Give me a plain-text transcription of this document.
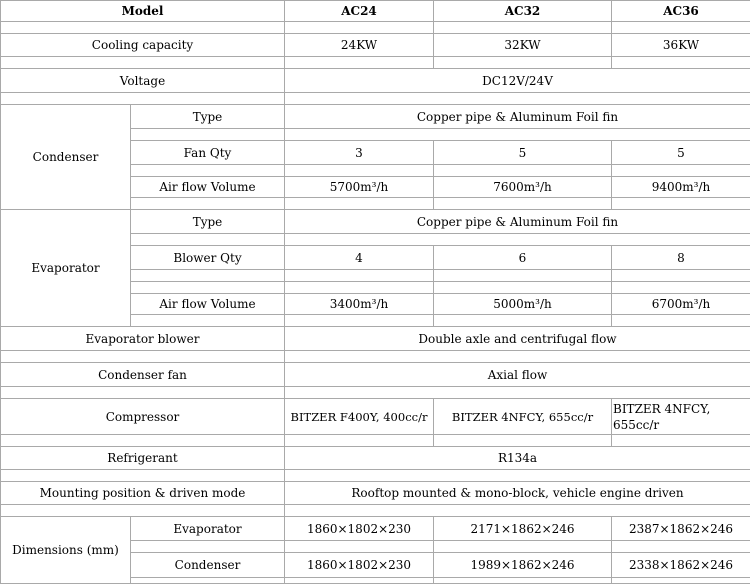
Model		AC24	AC32	AC36

Cooling capacity		24KW	32KW	36KW

Voltage		DC12V/24V		

Condenser	Type	Copper pipe & Aluminum Foil fin		

	Fan Qty	3	5	5

	Air flow Volume	5700m³/h	7600m³/h	9400m³/h

Evaporator	Type	Copper pipe & Aluminum Foil fin		

	Blower Qty	4	6	8

	Air flow Volume	3400m³/h	5000m³/h	6700m³/h

Evaporator blower		Double axle and centrifugal flow		

Condenser fan		Axial flow		

Compressor		BITZER F400Y, 400cc/r	BITZER 4NFCY, 655cc/r	BITZER 4NFCY, 655cc/r

Refrigerant		R134a		

Mounting position & driven mode		Rooftop mounted & mono-block, vehicle engine driven		

Dimensions (mm)	Evaporator	1860×1802×230	2171×1862×246	2387×1862×246

	Condenser	1860×1802×230	1989×1862×246	2338×1862×246
